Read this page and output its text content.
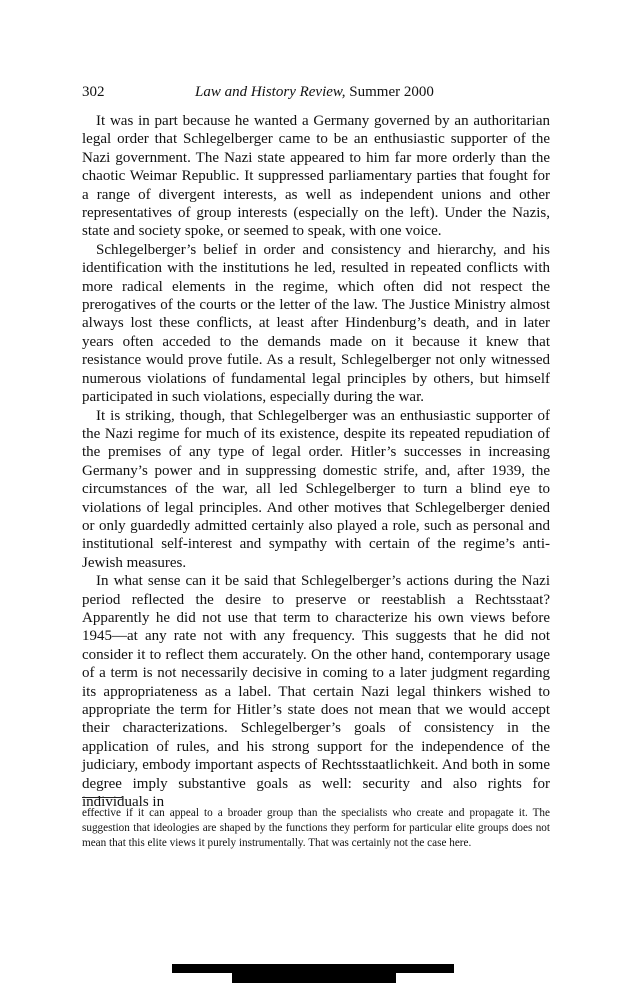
302	Law and History Review, Summer 2000

It was in part because he wanted a Germany governed by an authoritarian legal order that Schlegelberger came to be an enthusiastic supporter of the Nazi government. The Nazi state appeared to him far more orderly than the chaotic Weimar Republic. It suppressed parliamentary parties that fought for a range of divergent interests, as well as independent unions and other representatives of group interests (especially on the left). Under the Nazis, state and society spoke, or seemed to speak, with one voice.

Schlegelberger’s belief in order and consistency and hierarchy, and his identification with the institutions he led, resulted in repeated conflicts with more radical elements in the regime, which often did not respect the prerogatives of the courts or the letter of the law. The Justice Ministry almost always lost these conflicts, at least after Hindenburg’s death, and in later years often acceded to the demands made on it because it knew that resistance would prove futile. As a result, Schlegelberger not only witnessed numerous violations of fundamental legal principles by others, but himself participated in such violations, especially during the war.

It is striking, though, that Schlegelberger was an enthusiastic supporter of the Nazi regime for much of its existence, despite its repeated repudiation of the premises of any type of legal order. Hitler’s successes in increasing Germany’s power and in suppressing domestic strife, and, after 1939, the circumstances of the war, all led Schlegelberger to turn a blind eye to violations of legal principles. And other motives that Schlegelberger denied or only guardedly admitted certainly also played a role, such as personal and institutional self-interest and sympathy with certain of the regime’s anti-Jewish measures.

In what sense can it be said that Schlegelberger’s actions during the Nazi period reflected the desire to preserve or reestablish a Rechtsstaat? Apparently he did not use that term to characterize his own views before 1945—at any rate not with any frequency. This suggests that he did not consider it to reflect them accurately. On the other hand, contemporary usage of a term is not necessarily decisive in coming to a later judgment regarding its appropriateness as a label. That certain Nazi legal thinkers wished to appropriate the term for Hitler’s state does not mean that we would accept their characterizations. Schlegelberger’s goals of consistency in the application of rules, and his strong support for the independence of the judiciary, embody important aspects of Rechtsstaatlichkeit. And both in some degree imply substantive goals as well: security and also rights for individuals in

effective if it can appeal to a broader group than the specialists who create and propagate it. The suggestion that ideologies are shaped by the functions they perform for particular elite groups does not mean that this elite views it purely instrumentally. That was certainly not the case here.
